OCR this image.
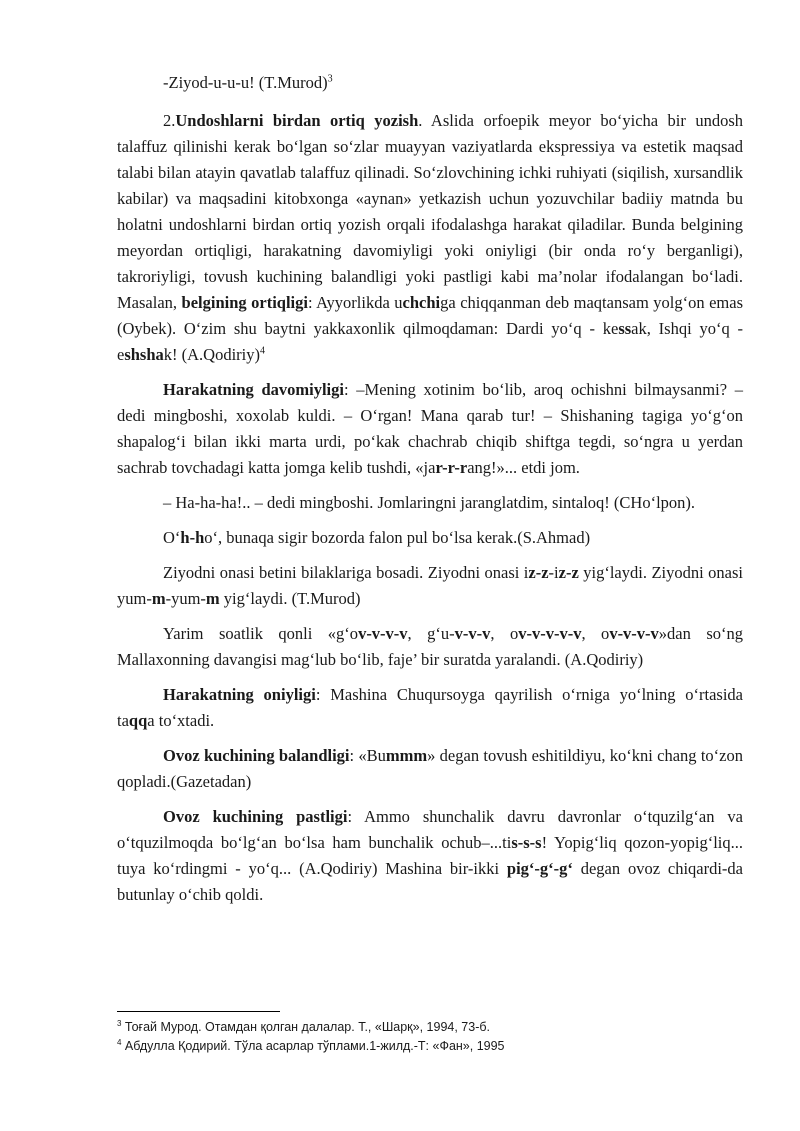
-Ziyod-u-u-u! (T.Murod)$^3$

2.Undoshlarni birdan ortiq yozish. Aslida orfoepik meyor bo‘yicha bir undosh talaffuz qilinishi kerak bo‘lgan so‘zlar muayyan vaziyatlarda ekspressiya va estetik maqsad talabi bilan atayin qavatlab talaffuz qilinadi. So‘zlovchining ichki ruhiyati (siqilish, xursandlik kabilar) va maqsadini kitobxonga «aynan» yetkazish uchun yozuvchilar badiiy matnda bu holatni undoshlarni birdan ortiq yozish orqali ifodalashga harakat qiladilar. Bunda belgining meyordan ortiqligi, harakatning davomiyligi yoki oniyligi (bir onda ro‘y berganligi), takroriyligi, tovush kuchining balandligi yoki pastligi kabi ma’nolar ifodalangan bo‘ladi. Masalan, belgining ortiqligi: Ayyorlikda uchchiga chiqqanman deb maqtansam yolg‘on emas (Oybek). O‘zim shu baytni yakkaxonlik qilmoqdaman: Dardi yo‘q - kessak, Ishqi yo‘q - eshshak! (A.Qodiriy)$^4$

Harakatning davomiyligi: –Mening xotinim bo‘lib, aroq ochishni bilmaysanmi? – dedi mingboshi, xoxolab kuldi. – O‘rgan! Mana qarab tur! – Shishaning tagiga yo‘g‘on shapalog‘i bilan ikki marta urdi, po‘kak chachrab chiqib shiftga tegdi, so‘ngra u yerdan sachrab tovchadagi katta jomga kelib tushdi, «jar-r-rang!»... etdi jom.

– Ha-ha-ha!.. – dedi mingboshi. Jomlaringni jaranglatdim, sintaloq! (CHo‘lpon).

O‘h-ho‘, bunaqa sigir bozorda falon pul bo‘lsa kerak.(S.Ahmad)

Ziyodni onasi betini bilaklariga bosadi. Ziyodni onasi iz-z-iz-z yig‘laydi. Ziyodni onasi yum-m-yum-m yig‘laydi. (T.Murod)

Yarim soatlik qonli «g‘ov-v-v-v, g‘u-v-v-v, ov-v-v-v-v, ov-v-v-v»dan so‘ng Mallaxonning davangisi mag‘lub bo‘lib, faje’ bir suratda yaralandi. (A.Qodiriy)

Harakatning oniyligi: Mashina Chuqursoyga qayrilish o‘rniga yo‘lning o‘rtasida taqqa to‘xtadi.

Ovoz kuchining balandligi: «Bummm» degan tovush eshitildiyu, ko‘kni chang to‘zon qopladi.(Gazetadan)

Ovoz kuchining pastligi: Ammo shunchalik davru davronlar o‘tquzilg‘an va o‘tquzilmoqda bo‘lg‘an bo‘lsa ham bunchalik ochub–...tis-s-s! Yopig‘liq qozon-yopig‘liq... tuya ko‘rdingmi - yo‘q... (A.Qodiriy) Mashina bir-ikki pig‘-g‘-g‘ degan ovoz chiqardi-da butunlay o‘chib qoldi.

$^3$ Тоғай Мурод. Отамдан қолган далалар. Т., «Шарқ», 1994, 73-б.
$^4$ Абдулла Қодирий. Тўла асарлар тўплами.1-жилд.-Т: «Фан», 1995
